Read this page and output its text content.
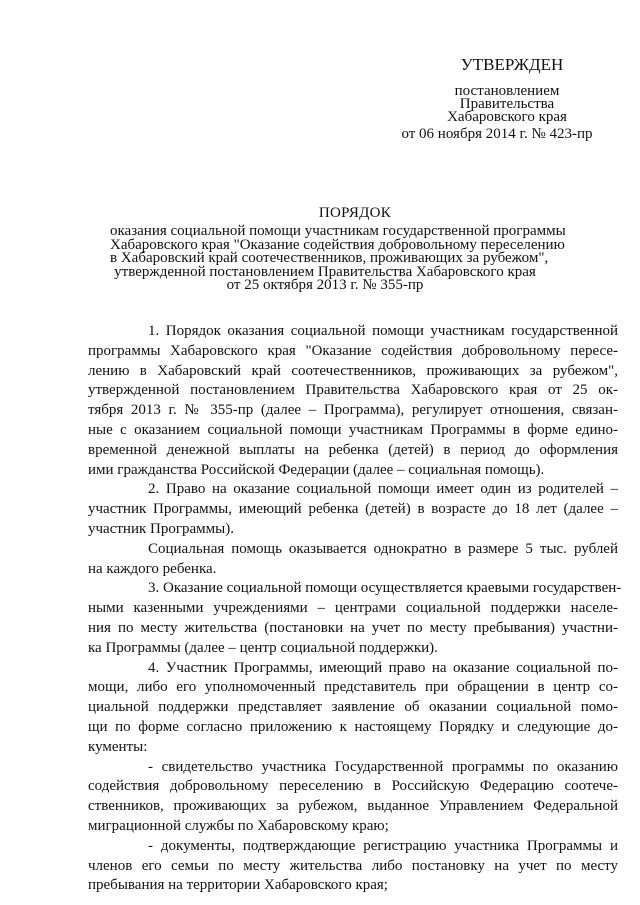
УТВЕРЖДЕН
постановлением
Правительства
Хабаровского края
от 06 ноября 2014 г. № 423-пр
ПОРЯДОК
оказания социальной помощи участникам государственной программы
Хабаровского края "Оказание содействия добровольному переселению
в Хабаровский край соотечественников, проживающих за рубежом",
утвержденной постановлением Правительства Хабаровского края
от 25 октября 2013 г. № 355-пр
1. Порядок оказания социальной помощи участникам государственной
программы Хабаровского края "Оказание содействия добровольному пересе-
лению в Хабаровский край соотечественников, проживающих за рубежом",
утвержденной постановлением Правительства Хабаровского края от 25 ок-
тября 2013 г. № 355-пр (далее – Программа), регулирует отношения, связан-
ные с оказанием социальной помощи участникам Программы в форме едино-
временной денежной выплаты на ребенка (детей) в период до оформления
ими гражданства Российской Федерации (далее – социальная помощь).
2. Право на оказание социальной помощи имеет один из родителей –
участник Программы, имеющий ребенка (детей) в возрасте до 18 лет (далее –
участник Программы).
Социальная помощь оказывается однократно в размере 5 тыс. рублей
на каждого ребенка.
3. Оказание социальной помощи осуществляется краевыми государствен-
ными казенными учреждениями – центрами социальной поддержки населе-
ния по месту жительства (постановки на учет по месту пребывания) участни-
ка Программы (далее – центр социальной поддержки).
4. Участник Программы, имеющий право на оказание социальной по-
мощи, либо его уполномоченный представитель при обращении в центр со-
циальной поддержки представляет заявление об оказании социальной помо-
щи по форме согласно приложению к настоящему Порядку и следующие до-
кументы:
- свидетельство участника Государственной программы по оказанию
содействия добровольному переселению в Российскую Федерацию соотече-
ственников, проживающих за рубежом, выданное Управлением Федеральной
миграционной службы по Хабаровскому краю;
- документы, подтверждающие регистрацию участника Программы и
членов его семьи по месту жительства либо постановку на учет по месту
пребывания на территории Хабаровского края;
